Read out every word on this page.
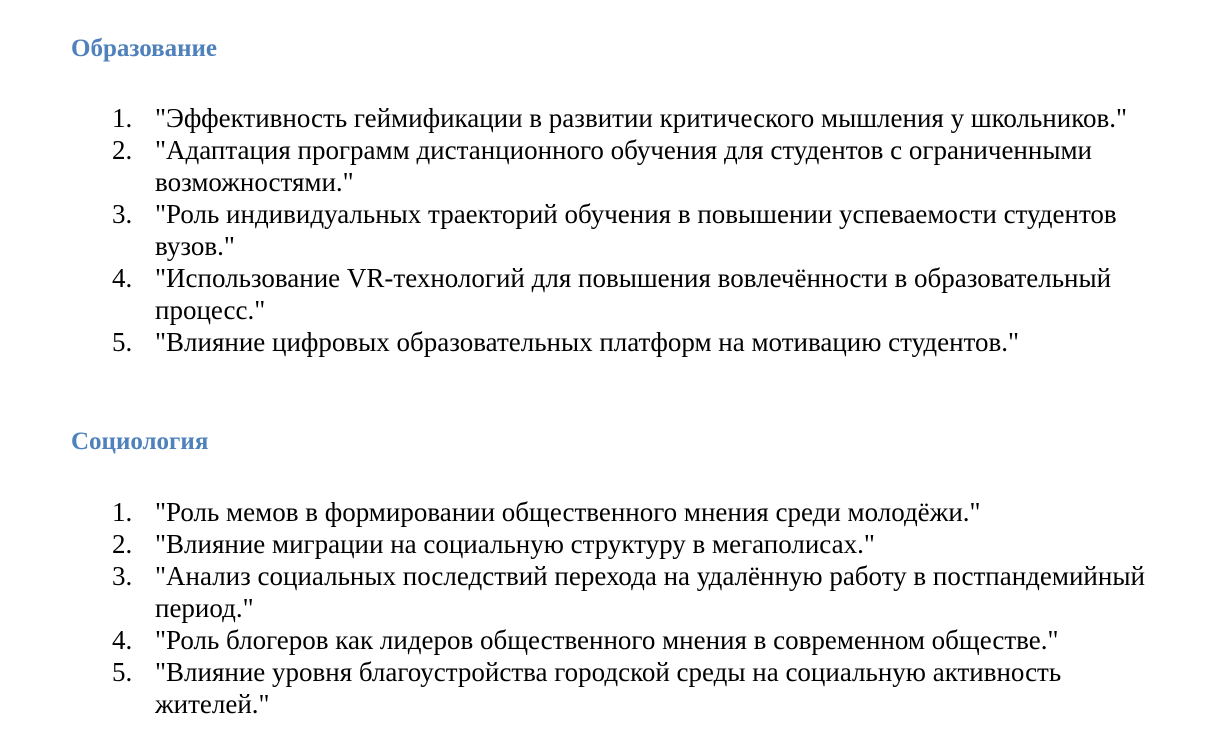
Образование
1. "Эффективность геймификации в развитии критического мышления у школьников."
2. "Адаптация программ дистанционного обучения для студентов с ограниченными возможностями."
3. "Роль индивидуальных траекторий обучения в повышении успеваемости студентов вузов."
4. "Использование VR-технологий для повышения вовлечённости в образовательный процесс."
5. "Влияние цифровых образовательных платформ на мотивацию студентов."
Социология
1. "Роль мемов в формировании общественного мнения среди молодёжи."
2. "Влияние миграции на социальную структуру в мегаполисах."
3. "Анализ социальных последствий перехода на удалённую работу в постпандемийный период."
4. "Роль блогеров как лидеров общественного мнения в современном обществе."
5. "Влияние уровня благоустройства городской среды на социальную активность жителей."
